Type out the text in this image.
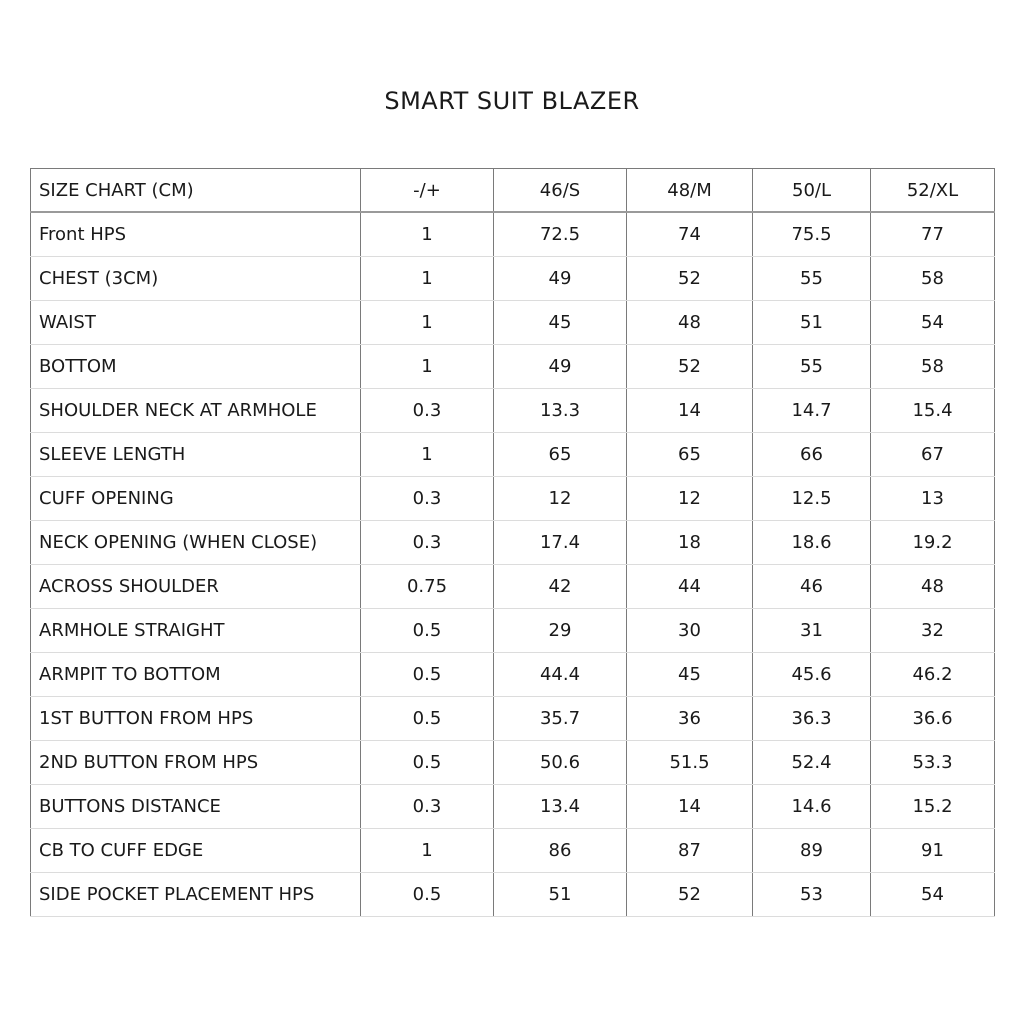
SMART SUIT BLAZER
SIZE CHART (CM)	-/+	46/S	48/M	50/L	52/XL
Front HPS	1	72.5	74	75.5	77
CHEST (3CM)	1	49	52	55	58
WAIST	1	45	48	51	54
BOTTOM	1	49	52	55	58
SHOULDER NECK AT ARMHOLE	0.3	13.3	14	14.7	15.4
SLEEVE LENGTH	1	65	65	66	67
CUFF OPENING	0.3	12	12	12.5	13
NECK OPENING (WHEN CLOSE)	0.3	17.4	18	18.6	19.2
ACROSS SHOULDER	0.75	42	44	46	48
ARMHOLE STRAIGHT	0.5	29	30	31	32
ARMPIT TO BOTTOM	0.5	44.4	45	45.6	46.2
1ST BUTTON FROM HPS	0.5	35.7	36	36.3	36.6
2ND BUTTON FROM HPS	0.5	50.6	51.5	52.4	53.3
BUTTONS DISTANCE	0.3	13.4	14	14.6	15.2
CB TO CUFF EDGE	1	86	87	89	91
SIDE POCKET PLACEMENT HPS	0.5	51	52	53	54
